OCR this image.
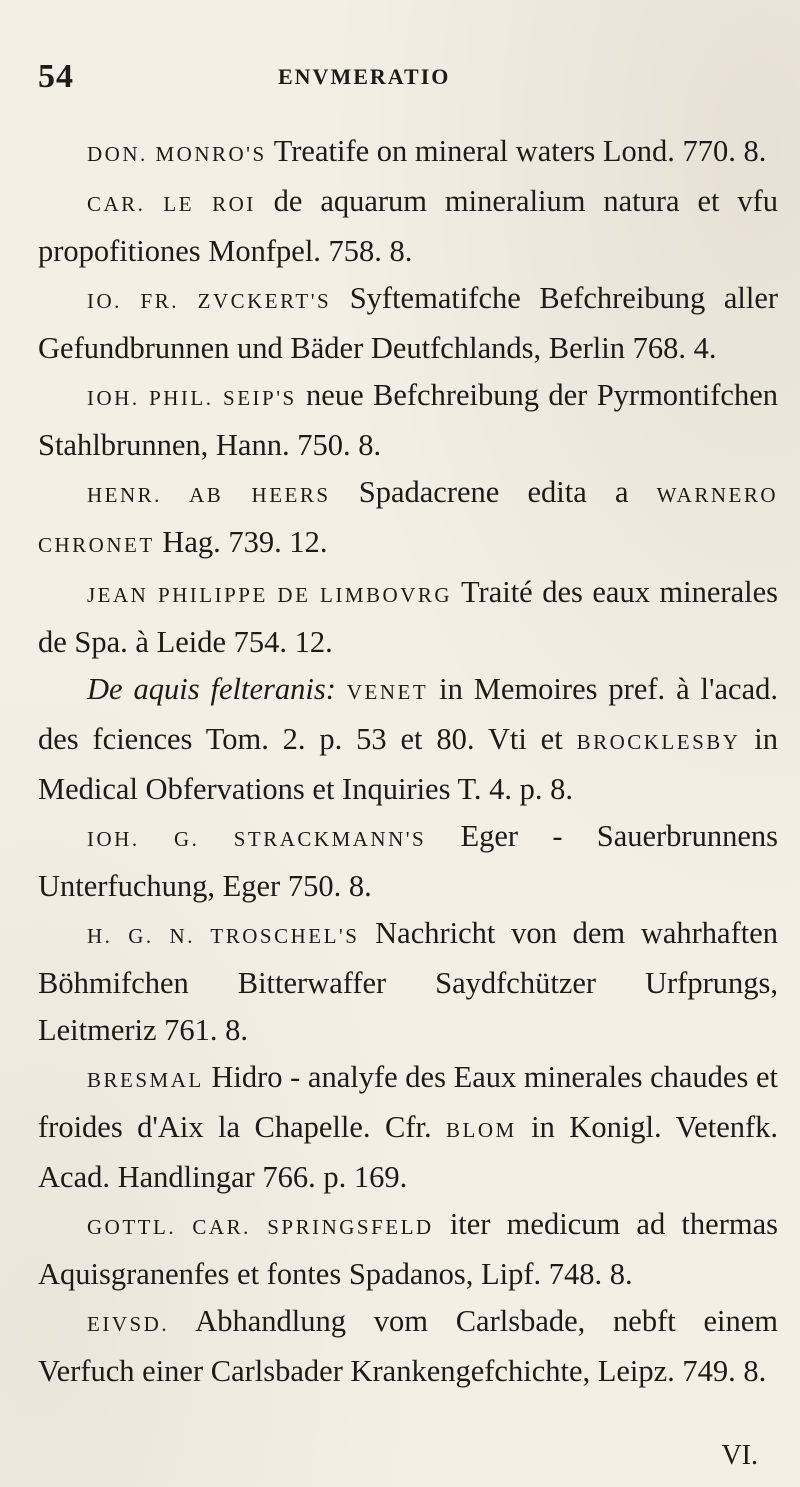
54	ENVMERATIO

DON. MONRO'S Treatife on mineral waters Lond. 770. 8.

CAR. LE ROI de aquarum mineralium natura et vfu propofitiones Monfpel. 758. 8.

IO. FR. ZVCKERT'S Syftematifche Befchreibung aller Gefundbrunnen und Bäder Deutfchlands, Berlin 768. 4.

IOH. PHIL. SEIP'S neue Befchreibung der Pyrmontifchen Stahlbrunnen, Hann. 750. 8.

HENR. AB HEERS Spadacrene edita a WARNERO CHRONET Hag. 739. 12.

JEAN PHILIPPE DE LIMBOVRG Traité des eaux minerales de Spa. à Leide 754. 12.

De aquis felteranis: VENET in Memoires pref. à l'acad. des fciences Tom. 2. p. 53 et 80. Vti et BROCKLESBY in Medical Obfervations et Inquiries T. 4. p. 8.

IOH. G. STRACKMANN'S Eger - Sauerbrunnens Unterfuchung, Eger 750. 8.

H. G. N. TROSCHEL'S Nachricht von dem wahrhaften Böhmifchen Bitterwaffer Saydfchützer Urfprungs, Leitmeriz 761. 8.

BRESMAL Hidro - analyfe des Eaux minerales chaudes et froides d'Aix la Chapelle. Cfr. BLOM in Konigl. Vetenfk. Acad. Handlingar 766. p. 169.

GOTTL. CAR. SPRINGSFELD iter medicum ad thermas Aquisgranenfes et fontes Spadanos, Lipf. 748. 8.

EIVSD. Abhandlung vom Carlsbade, nebft einem Verfuch einer Carlsbader Krankengefchichte, Leipz. 749. 8.

VI.
